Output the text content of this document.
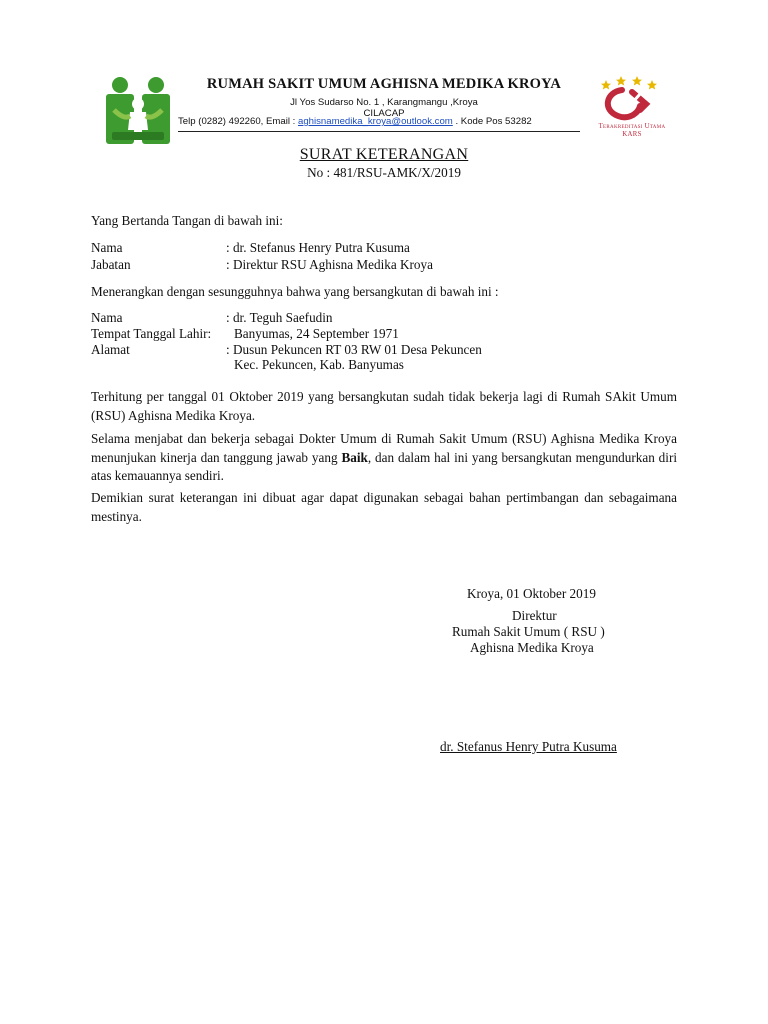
RUMAH SAKIT UMUM AGHISNA MEDIKA KROYA
Jl Yos Sudarso No. 1 , Karangmangu ,Kroya
CILACAP
Telp (0282) 492260, Email : aghisnamedika_kroya@outlook.com . Kode Pos 53282	Terakreditasi Utama KARS
SURAT KETERANGAN
No : 481/RSU-AMK/X/2019
Yang Bertanda Tangan di bawah ini:
Nama	: dr. Stefanus Henry Putra Kusuma
Jabatan	: Direktur RSU Aghisna Medika Kroya
Menerangkan dengan sesungguhnya bahwa yang bersangkutan di bawah ini :
Nama	: dr. Teguh Saefudin
Tempat Tanggal Lahir: Banyumas, 24 September 1971
Alamat	: Dusun Pekuncen RT 03 RW 01 Desa Pekuncen
Kec. Pekuncen, Kab. Banyumas

Terhitung per tanggal 01 Oktober 2019 yang bersangkutan sudah tidak bekerja lagi di Rumah SAkit Umum (RSU) Aghisna Medika Kroya.

Selama menjabat dan bekerja sebagai Dokter Umum di Rumah Sakit Umum (RSU) Aghisna Medika Kroya menunjukan kinerja dan tanggung jawab yang Baik, dan dalam hal ini yang bersangkutan mengundurkan diri atas kemauannya sendiri.

Demikian surat keterangan ini dibuat agar dapat digunakan sebagai bahan pertimbangan dan sebagaimana mestinya.

Kroya, 01 Oktober 2019
Direktur
Rumah Sakit Umum ( RSU )
Aghisna Medika Kroya
dr. Stefanus Henry Putra Kusuma
